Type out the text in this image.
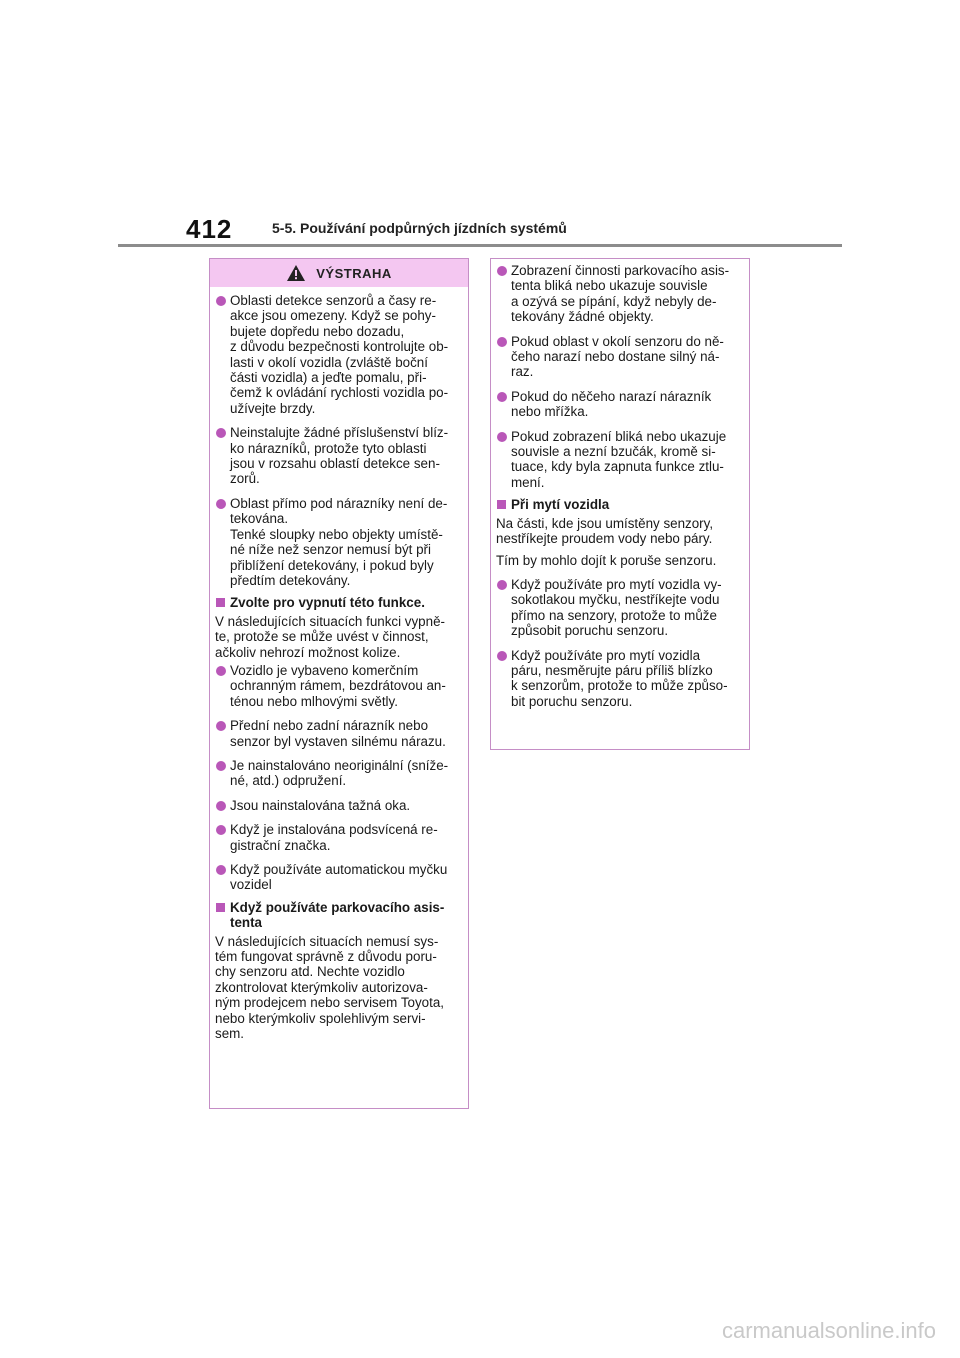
412	5-5. Používání podpůrných jízdních systémů
VÝSTRAHA
Oblasti detekce senzorů a časy re-
akce jsou omezeny. Když se pohy-
bujete dopředu nebo dozadu,
z důvodu bezpečnosti kontrolujte ob-
lasti v okolí vozidla (zvláště boční
části vozidla) a jeďte pomalu, při-
čemž k ovládání rychlosti vozidla po-
užívejte brzdy.
Neinstalujte žádné příslušenství blíz-
ko nárazníků, protože tyto oblasti
jsou v rozsahu oblastí detekce sen-
zorů.
Oblast přímo pod nárazníky není de-
tekována.
Tenké sloupky nebo objekty umístě-
né níže než senzor nemusí být při
přiblížení detekovány, i pokud byly
předtím detekovány.
Zvolte pro vypnutí této funkce.
V následujících situacích funkci vypně-
te, protože se může uvést v činnost,
ačkoliv nehrozí možnost kolize.
Vozidlo je vybaveno komerčním
ochranným rámem, bezdrátovou an-
ténou nebo mlhovými světly.
Přední nebo zadní nárazník nebo
senzor byl vystaven silnému nárazu.
Je nainstalováno neoriginální (sníže-
né, atd.) odpružení.
Jsou nainstalována tažná oka.
Když je instalována podsvícená re-
gistrační značka.
Když používáte automatickou myčku
vozidel
Když používáte parkovacího asis-
tenta
V následujících situacích nemusí sys-
tém fungovat správně z důvodu poru-
chy senzoru atd. Nechte vozidlo
zkontrolovat kterýmkoliv autorizova-
ným prodejcem nebo servisem Toyota,
nebo kterýmkoliv spolehlivým servi-
sem.
Zobrazení činnosti parkovacího asis-
tenta bliká nebo ukazuje souvisle
a ozývá se pípání, když nebyly de-
tekovány žádné objekty.
Pokud oblast v okolí senzoru do ně-
čeho narazí nebo dostane silný ná-
raz.
Pokud do něčeho narazí nárazník
nebo mřížka.
Pokud zobrazení bliká nebo ukazuje
souvisle a nezní bzučák, kromě si-
tuace, kdy byla zapnuta funkce ztlu-
mení.
Při mytí vozidla
Na části, kde jsou umístěny senzory,
nestříkejte proudem vody nebo páry.
Tím by mohlo dojít k poruše senzoru.
Když používáte pro mytí vozidla vy-
sokotlakou myčku, nestříkejte vodu
přímo na senzory, protože to může
způsobit poruchu senzoru.
Když používáte pro mytí vozidla
páru, nesměrujte páru příliš blízko
k senzorům, protože to může způso-
bit poruchu senzoru.
carmanualsonline.info
